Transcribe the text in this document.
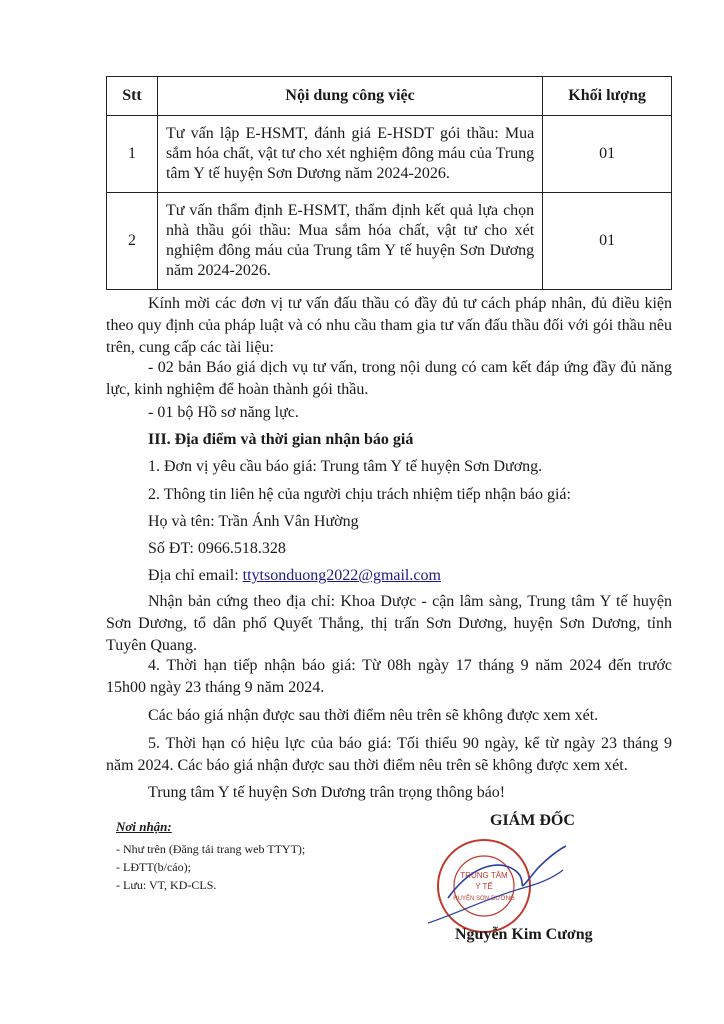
Stt	Nội dung công việc	Khối lượng
1	Tư vấn lập E-HSMT, đánh giá E-HSDT gói thầu: Mua sắm hóa chất, vật tư cho xét nghiệm đông máu của Trung tâm Y tế huyện Sơn Dương năm 2024-2026.	01
2	Tư vấn thẩm định E-HSMT, thẩm định kết quả lựa chọn nhà thầu gói thầu: Mua sắm hóa chất, vật tư cho xét nghiệm đông máu của Trung tâm Y tế huyện Sơn Dương năm 2024-2026.	01

Kính mời các đơn vị tư vấn đấu thầu có đầy đủ tư cách pháp nhân, đủ điều kiện theo quy định của pháp luật và có nhu cầu tham gia tư vấn đấu thầu đối với gói thầu nêu trên, cung cấp các tài liệu:

- 02 bản Báo giá dịch vụ tư vấn, trong nội dung có cam kết đáp ứng đầy đủ năng lực, kinh nghiệm để hoàn thành gói thầu.

- 01 bộ Hồ sơ năng lực.

III. Địa điểm và thời gian nhận báo giá

1. Đơn vị yêu cầu báo giá: Trung tâm Y tế huyện Sơn Dương.

2. Thông tin liên hệ của người chịu trách nhiệm tiếp nhận báo giá:

Họ và tên: Trần Ánh Vân Hường

Số ĐT: 0966.518.328

Địa chỉ email: ttytsonduong2022@gmail.com

Nhận bản cứng theo địa chỉ: Khoa Dược - cận lâm sàng, Trung tâm Y tế huyện Sơn Dương, tổ dân phố Quyết Thắng, thị trấn Sơn Dương, huyện Sơn Dương, tỉnh Tuyên Quang.

4. Thời hạn tiếp nhận báo giá: Từ 08h ngày 17 tháng 9 năm 2024 đến trước 15h00 ngày 23 tháng 9 năm 2024.

Các báo giá nhận được sau thời điểm nêu trên sẽ không được xem xét.

5. Thời hạn có hiệu lực của báo giá: Tối thiểu 90 ngày, kể từ ngày 23 tháng 9 năm 2024. Các báo giá nhận được sau thời điểm nêu trên sẽ không được xem xét.

Trung tâm Y tế huyện Sơn Dương trân trọng thông báo!

Nơi nhận:
- Như trên (Đăng tải trang web TTYT);
- LĐTT(b/cáo);
- Lưu: VT, KD-CLS.
GIÁM ĐỐC
TRUNG TÂM
Y TẾ
HUYỆN SƠN DƯƠNG
Nguyễn Kim Cương
